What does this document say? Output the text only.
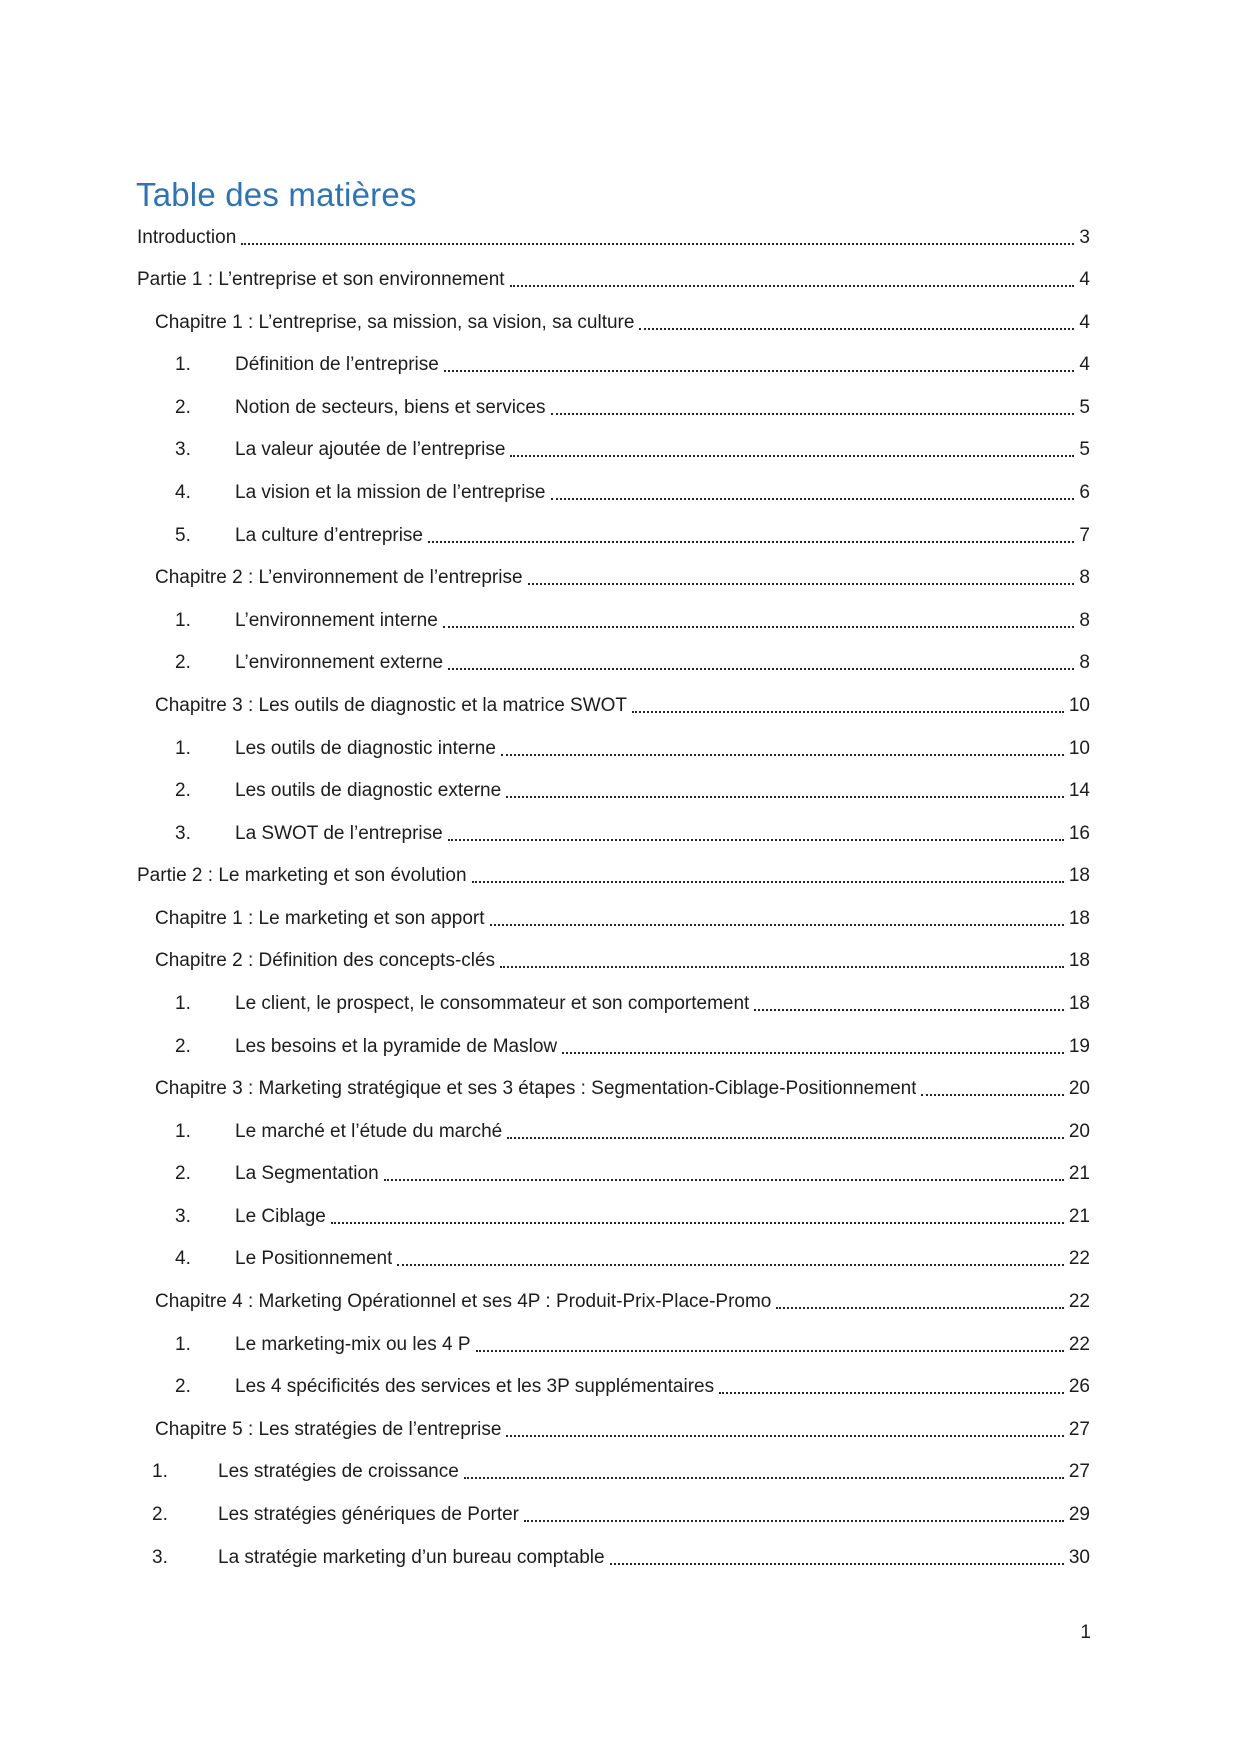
Table des matières
Introduction	3
Partie 1 : L’entreprise et son environnement	4
Chapitre 1 : L’entreprise, sa mission, sa vision, sa culture	4
1.	Définition de l’entreprise	4
2.	Notion de secteurs, biens et services	5
3.	La valeur ajoutée de l’entreprise	5
4.	La vision et la mission de l’entreprise	6
5.	La culture d’entreprise	7
Chapitre 2 : L’environnement de l’entreprise	8
1.	L’environnement interne	8
2.	L’environnement externe	8
Chapitre 3 : Les outils de diagnostic et la matrice SWOT	10
1.	Les outils de diagnostic interne	10
2.	Les outils de diagnostic externe	14
3.	La SWOT de l’entreprise	16
Partie 2 : Le marketing et son évolution	18
Chapitre 1 : Le marketing et son apport	18
Chapitre 2 : Définition des concepts-clés	18
1.	Le client, le prospect, le consommateur et son comportement	18
2.	Les besoins et la pyramide de Maslow	19
Chapitre 3 : Marketing stratégique et ses 3 étapes : Segmentation-Ciblage-Positionnement	20
1.	Le marché et l’étude du marché	20
2.	La Segmentation	21
3.	Le Ciblage	21
4.	Le Positionnement	22
Chapitre 4 : Marketing Opérationnel et ses 4P : Produit-Prix-Place-Promo	22
1.	Le marketing-mix ou les 4 P	22
2.	Les 4 spécificités des services et les 3P supplémentaires	26
Chapitre 5 : Les stratégies de l’entreprise	27
1.	Les stratégies de croissance	27
2.	Les stratégies génériques de Porter	29
3.	La stratégie marketing d’un bureau comptable	30
1
